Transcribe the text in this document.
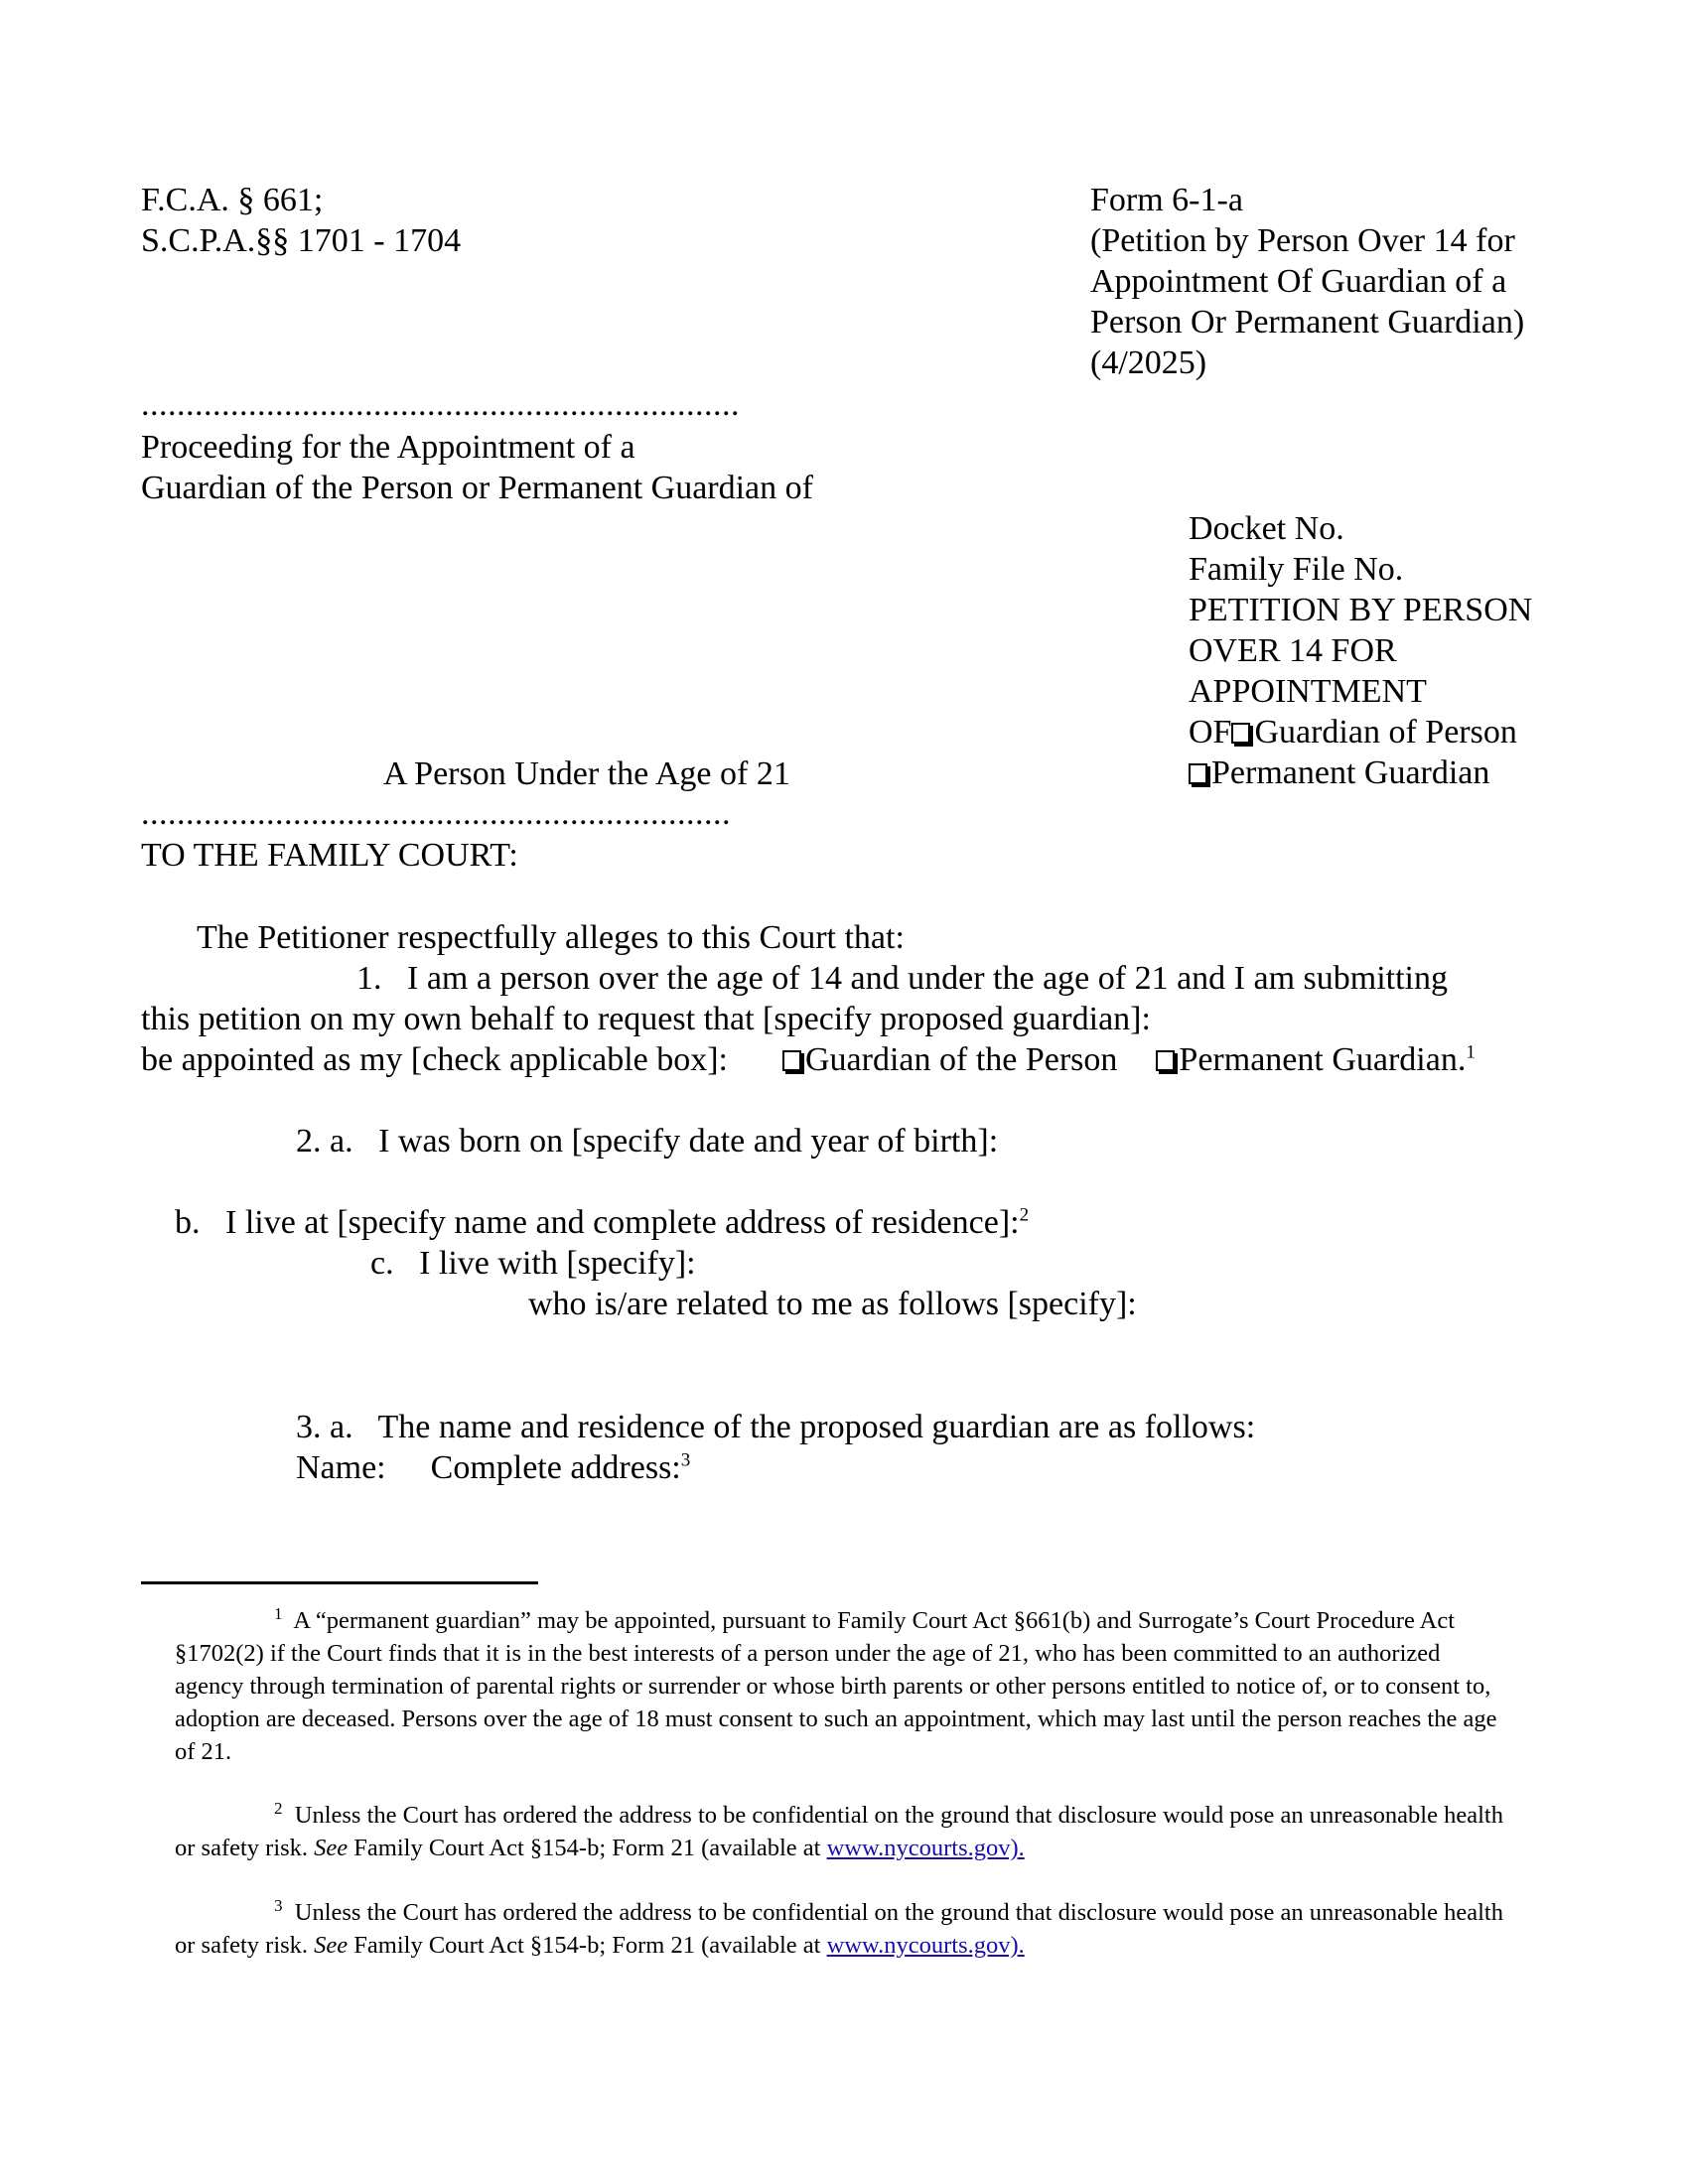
F.C.A. § 661;
S.C.P.A.§§ 1701 - 1704
Form 6-1-a
(Petition by Person Over 14 for
Appointment Of Guardian of a
Person Or Permanent Guardian)
(4/2025)
...................................................................
Proceeding for the Appointment of a
Guardian of the Person or Permanent Guardian of
A Person Under the Age of 21
..................................................................
Docket No.
Family File No.
PETITION BY PERSON
OVER 14 FOR
APPOINTMENT
OF Guardian of Person
Permanent Guardian
TO THE FAMILY COURT:
The Petitioner respectfully alleges to this Court that:
1.   I am a person over the age of 14 and under the age of 21 and I am submitting
this petition on my own behalf to request that [specify proposed guardian]:
be appointed as my [check applicable box]: Guardian of the Person Permanent Guardian.$^1$
2. a.   I was born on [specify date and year of birth]:

b.   I live at [specify name and complete address of residence]:$^2$

c.   I live with [specify]:
who is/are related to me as follows [specify]:
3. a.   The name and residence of the proposed guardian are as follows:
Name: Complete address:$^3$

$^1$ A “permanent guardian” may be appointed, pursuant to Family Court Act §661(b) and Surrogate’s Court Procedure Act §1702(2) if the Court finds that it is in the best interests of a person under the age of 21, who has been committed to an authorized agency through termination of parental rights or surrender or whose birth parents or other persons entitled to notice of, or to consent to, adoption are deceased. Persons over the age of 18 must consent to such an appointment, which may last until the person reaches the age of 21.

$^2$ Unless the Court has ordered the address to be confidential on the ground that disclosure would pose an unreasonable health or safety risk. See Family Court Act §154-b; Form 21 (available at www.nycourts.gov).

$^3$ Unless the Court has ordered the address to be confidential on the ground that disclosure would pose an unreasonable health or safety risk. See Family Court Act §154-b; Form 21 (available at www.nycourts.gov).
